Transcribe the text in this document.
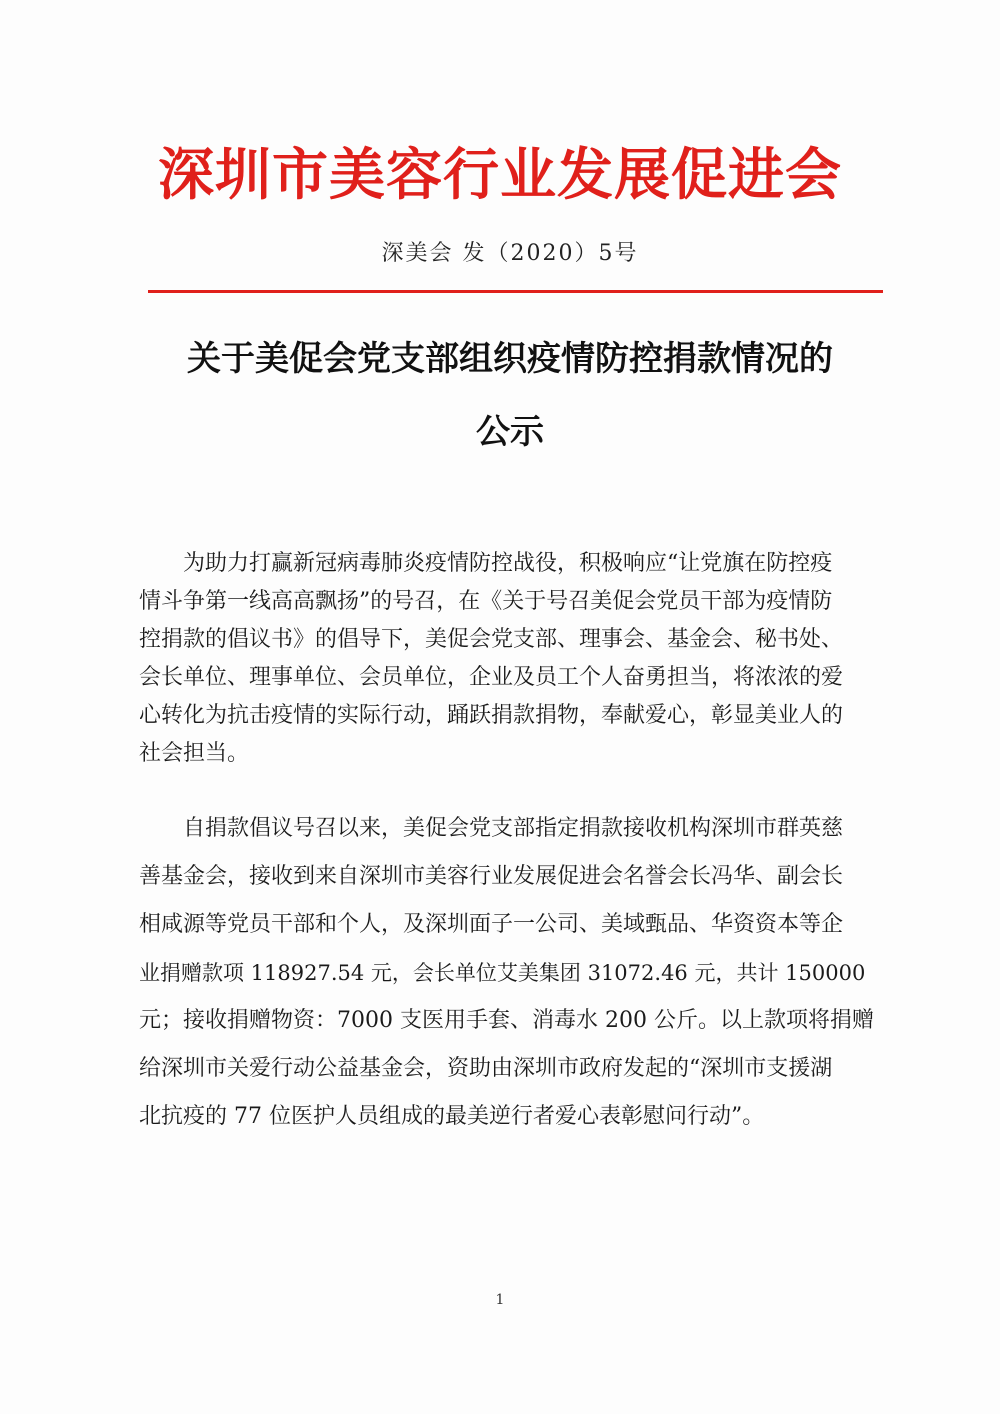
深圳市美容行业发展促进会
深美会 发（2020）5号
关于美促会党支部组织疫情防控捐款情况的
公示
　　为助力打赢新冠病毒肺炎疫情防控战役，积极响应“让党旗在防控疫
情斗争第一线高高飘扬”的号召，在《关于号召美促会党员干部为疫情防
控捐款的倡议书》的倡导下，美促会党支部、理事会、基金会、秘书处、
会长单位、理事单位、会员单位，企业及员工个人奋勇担当，将浓浓的爱
心转化为抗击疫情的实际行动，踊跃捐款捐物，奉献爱心，彰显美业人的
社会担当。
　　自捐款倡议号召以来，美促会党支部指定捐款接收机构深圳市群英慈
善基金会，接收到来自深圳市美容行业发展促进会名誉会长冯华、副会长
相咸源等党员干部和个人，及深圳面子一公司、美域甄品、华资资本等企
业捐赠款项 118927.54 元，会长单位艾美集团 31072.46 元，共计 150000
元；接收捐赠物资：7000 支医用手套、消毒水 200 公斤。以上款项将捐赠
给深圳市关爱行动公益基金会，资助由深圳市政府发起的“深圳市支援湖
北抗疫的 77 位医护人员组成的最美逆行者爱心表彰慰问行动”。
1
